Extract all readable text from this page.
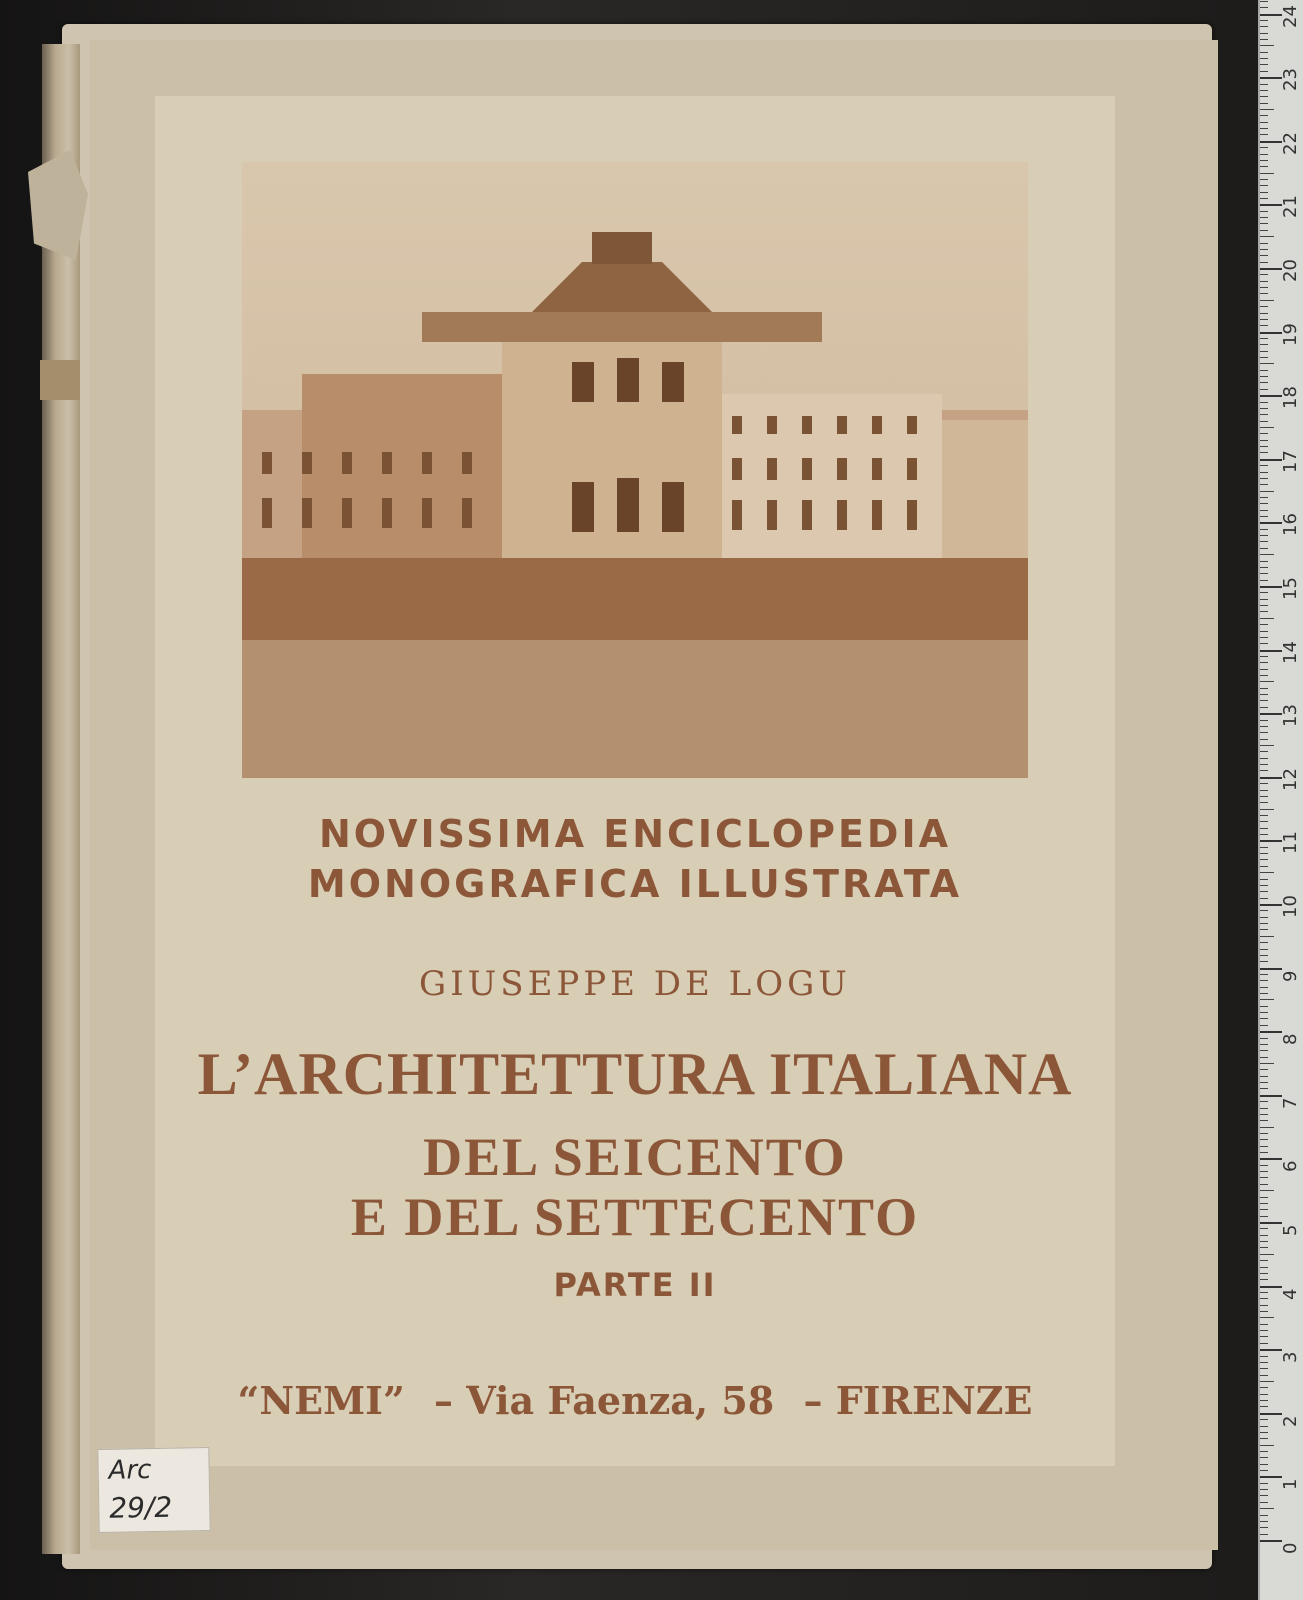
0
1
2
3
4
5
6
7
8
9
10
11
12
13
14
15
16
17
18
19
20
21
22
23
24
NOVISSIMA ENCICLOPEDIA
MONOGRAFICA ILLUSTRATA
GIUSEPPE DE LOGU
L’ARCHITETTURA ITALIANA
DEL SEICENTO
E DEL SETTECENTO
PARTE II
“NEMI” – Via Faenza, 58 – FIRENZE
Arc
29/2
